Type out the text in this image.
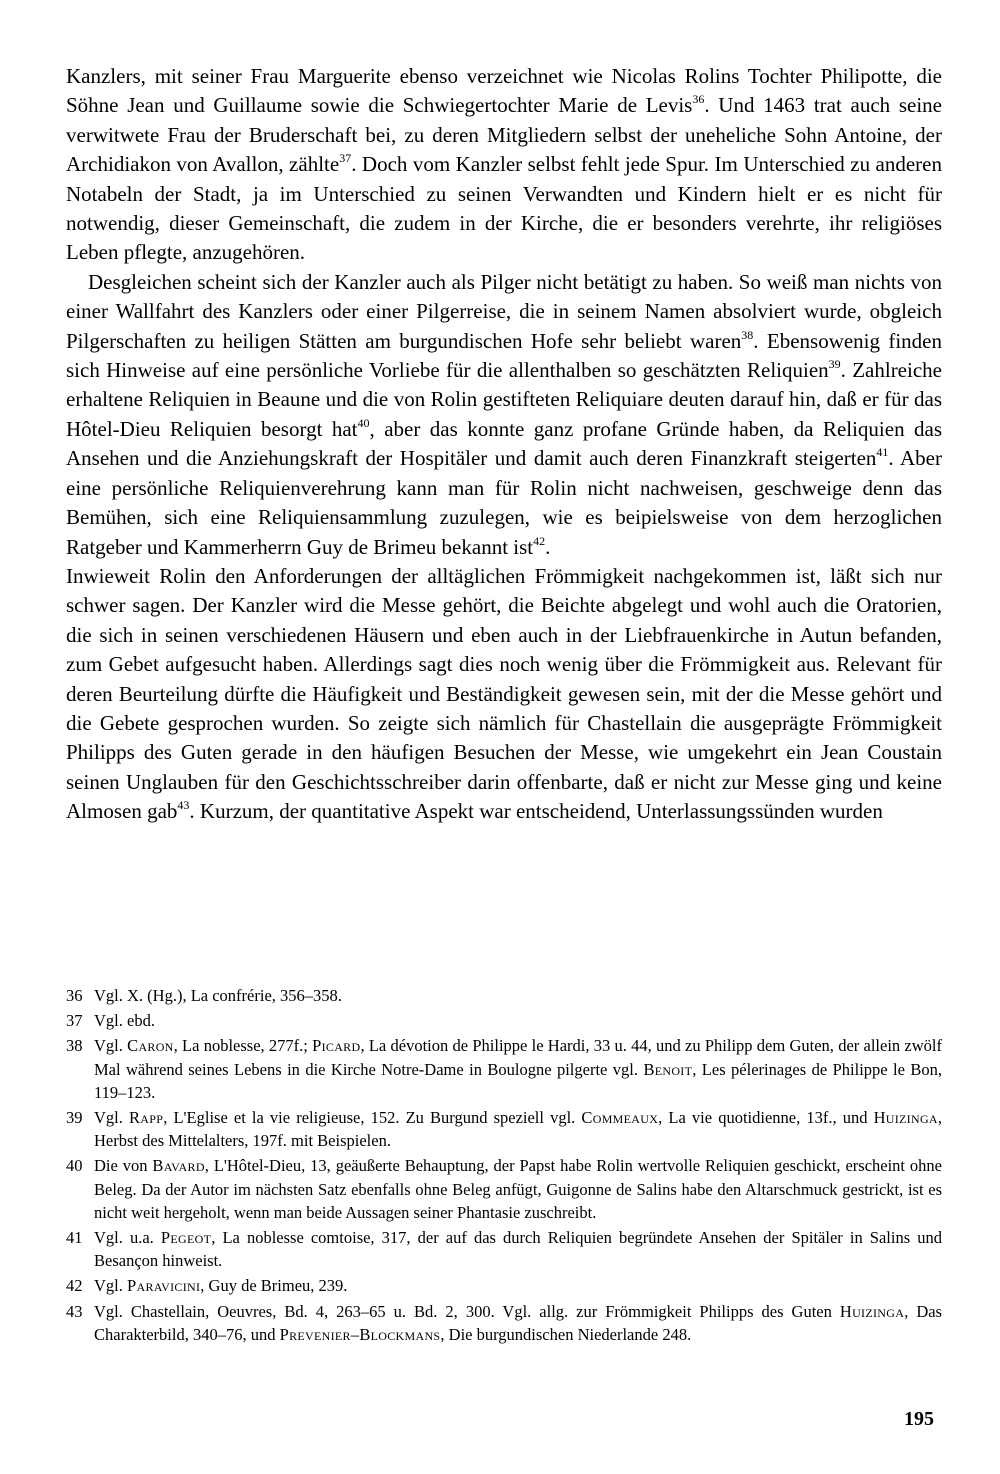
Kanzlers, mit seiner Frau Marguerite ebenso verzeichnet wie Nicolas Rolins Tochter Philipotte, die Söhne Jean und Guillaume sowie die Schwiegertochter Marie de Levis$^{36}$. Und 1463 trat auch seine verwitwete Frau der Bruderschaft bei, zu deren Mitgliedern selbst der uneheliche Sohn Antoine, der Archidiakon von Avallon, zählte$^{37}$. Doch vom Kanzler selbst fehlt jede Spur. Im Unterschied zu anderen Notabeln der Stadt, ja im Unterschied zu seinen Verwandten und Kindern hielt er es nicht für notwendig, dieser Gemeinschaft, die zudem in der Kirche, die er besonders verehrte, ihr religiöses Leben pflegte, anzugehören.

Desgleichen scheint sich der Kanzler auch als Pilger nicht betätigt zu haben. So weiß man nichts von einer Wallfahrt des Kanzlers oder einer Pilgerreise, die in seinem Namen absolviert wurde, obgleich Pilgerschaften zu heiligen Stätten am burgundischen Hofe sehr beliebt waren$^{38}$. Ebensowenig finden sich Hinweise auf eine persönliche Vorliebe für die allenthalben so geschätzten Reliquien$^{39}$. Zahlreiche erhaltene Reliquien in Beaune und die von Rolin gestifteten Reliquiare deuten darauf hin, daß er für das Hôtel-Dieu Reliquien besorgt hat$^{40}$, aber das konnte ganz profane Gründe haben, da Reliquien das Ansehen und die Anziehungskraft der Hospitäler und damit auch deren Finanzkraft steigerten$^{41}$. Aber eine persönliche Reliquienverehrung kann man für Rolin nicht nachweisen, geschweige denn das Bemühen, sich eine Reliquiensammlung zuzulegen, wie es beipielsweise von dem herzoglichen Ratgeber und Kammerherrn Guy de Brimeu bekannt ist$^{42}$.

Inwieweit Rolin den Anforderungen der alltäglichen Frömmigkeit nachgekommen ist, läßt sich nur schwer sagen. Der Kanzler wird die Messe gehört, die Beichte abgelegt und wohl auch die Oratorien, die sich in seinen verschiedenen Häusern und eben auch in der Liebfrauenkirche in Autun befanden, zum Gebet aufgesucht haben. Allerdings sagt dies noch wenig über die Frömmigkeit aus. Relevant für deren Beurteilung dürfte die Häufigkeit und Beständigkeit gewesen sein, mit der die Messe gehört und die Gebete gesprochen wurden. So zeigte sich nämlich für Chastellain die ausgeprägte Frömmigkeit Philipps des Guten gerade in den häufigen Besuchen der Messe, wie umgekehrt ein Jean Coustain seinen Unglauben für den Geschichtsschreiber darin offenbarte, daß er nicht zur Messe ging und keine Almosen gab$^{43}$. Kurzum, der quantitative Aspekt war entscheidend, Unterlassungssünden wurden

36 Vgl. X. (Hg.), La confrérie, 356–358.

37 Vgl. ebd.

38 Vgl. Caron, La noblesse, 277f.; Picard, La dévotion de Philippe le Hardi, 33 u. 44, und zu Philipp dem Guten, der allein zwölf Mal während seines Lebens in die Kirche Notre-Dame in Boulogne pilgerte vgl. Benoit, Les pélerinages de Philippe le Bon, 119–123.

39 Vgl. Rapp, L'Eglise et la vie religieuse, 152. Zu Burgund speziell vgl. Commeaux, La vie quotidienne, 13f., und Huizinga, Herbst des Mittelalters, 197f. mit Beispielen.

40 Die von Bavard, L'Hôtel-Dieu, 13, geäußerte Behauptung, der Papst habe Rolin wertvolle Reliquien geschickt, erscheint ohne Beleg. Da der Autor im nächsten Satz ebenfalls ohne Beleg anfügt, Guigonne de Salins habe den Altarschmuck gestrickt, ist es nicht weit hergeholt, wenn man beide Aussagen seiner Phantasie zuschreibt.

41 Vgl. u.a. Pegeot, La noblesse comtoise, 317, der auf das durch Reliquien begründete Ansehen der Spitäler in Salins und Besançon hinweist.

42 Vgl. Paravicini, Guy de Brimeu, 239.

43 Vgl. Chastellain, Oeuvres, Bd. 4, 263–65 u. Bd. 2, 300. Vgl. allg. zur Frömmigkeit Philipps des Guten Huizinga, Das Charakterbild, 340–76, und Prevenier–Blockmans, Die burgundischen Niederlande 248.

195
